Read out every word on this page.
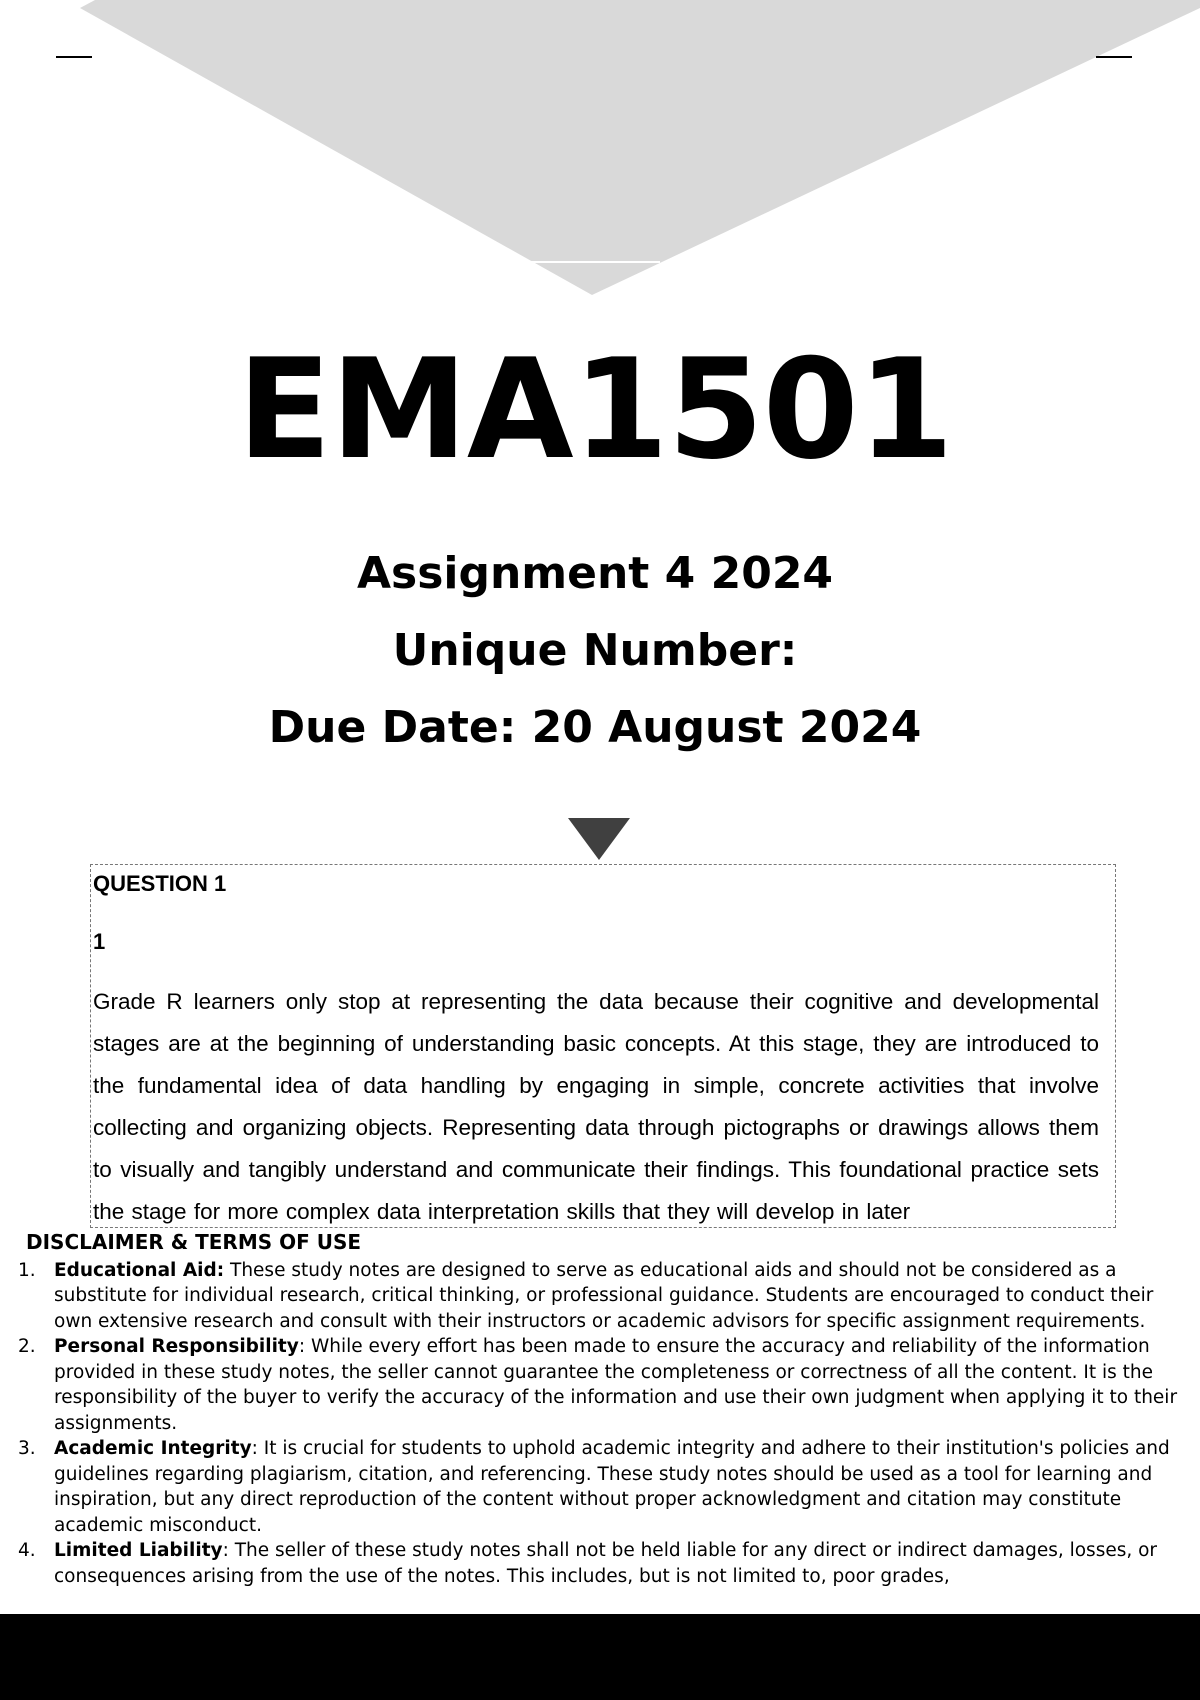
EMA1501
Assignment 4 2024
Unique Number:
Due Date: 20 August 2024
QUESTION 1
1
Grade R learners only stop at representing the data because their cognitive and developmental stages are at the beginning of understanding basic concepts. At this stage, they are introduced to the fundamental idea of data handling by engaging in simple, concrete activities that involve collecting and organizing objects. Representing data through pictographs or drawings allows them to visually and tangibly understand and communicate their findings. This foundational practice sets the stage for more complex data interpretation skills that they will develop in later
DISCLAIMER & TERMS OF USE
1. Educational Aid: These study notes are designed to serve as educational aids and should not be considered as a substitute for individual research, critical thinking, or professional guidance. Students are encouraged to conduct their own extensive research and consult with their instructors or academic advisors for specific assignment requirements.
2. Personal Responsibility: While every effort has been made to ensure the accuracy and reliability of the information provided in these study notes, the seller cannot guarantee the completeness or correctness of all the content. It is the responsibility of the buyer to verify the accuracy of the information and use their own judgment when applying it to their assignments.
3. Academic Integrity: It is crucial for students to uphold academic integrity and adhere to their institution's policies and guidelines regarding plagiarism, citation, and referencing. These study notes should be used as a tool for learning and inspiration, but any direct reproduction of the content without proper acknowledgment and citation may constitute academic misconduct.
4. Limited Liability: The seller of these study notes shall not be held liable for any direct or indirect damages, losses, or consequences arising from the use of the notes. This includes, but is not limited to, poor grades,
